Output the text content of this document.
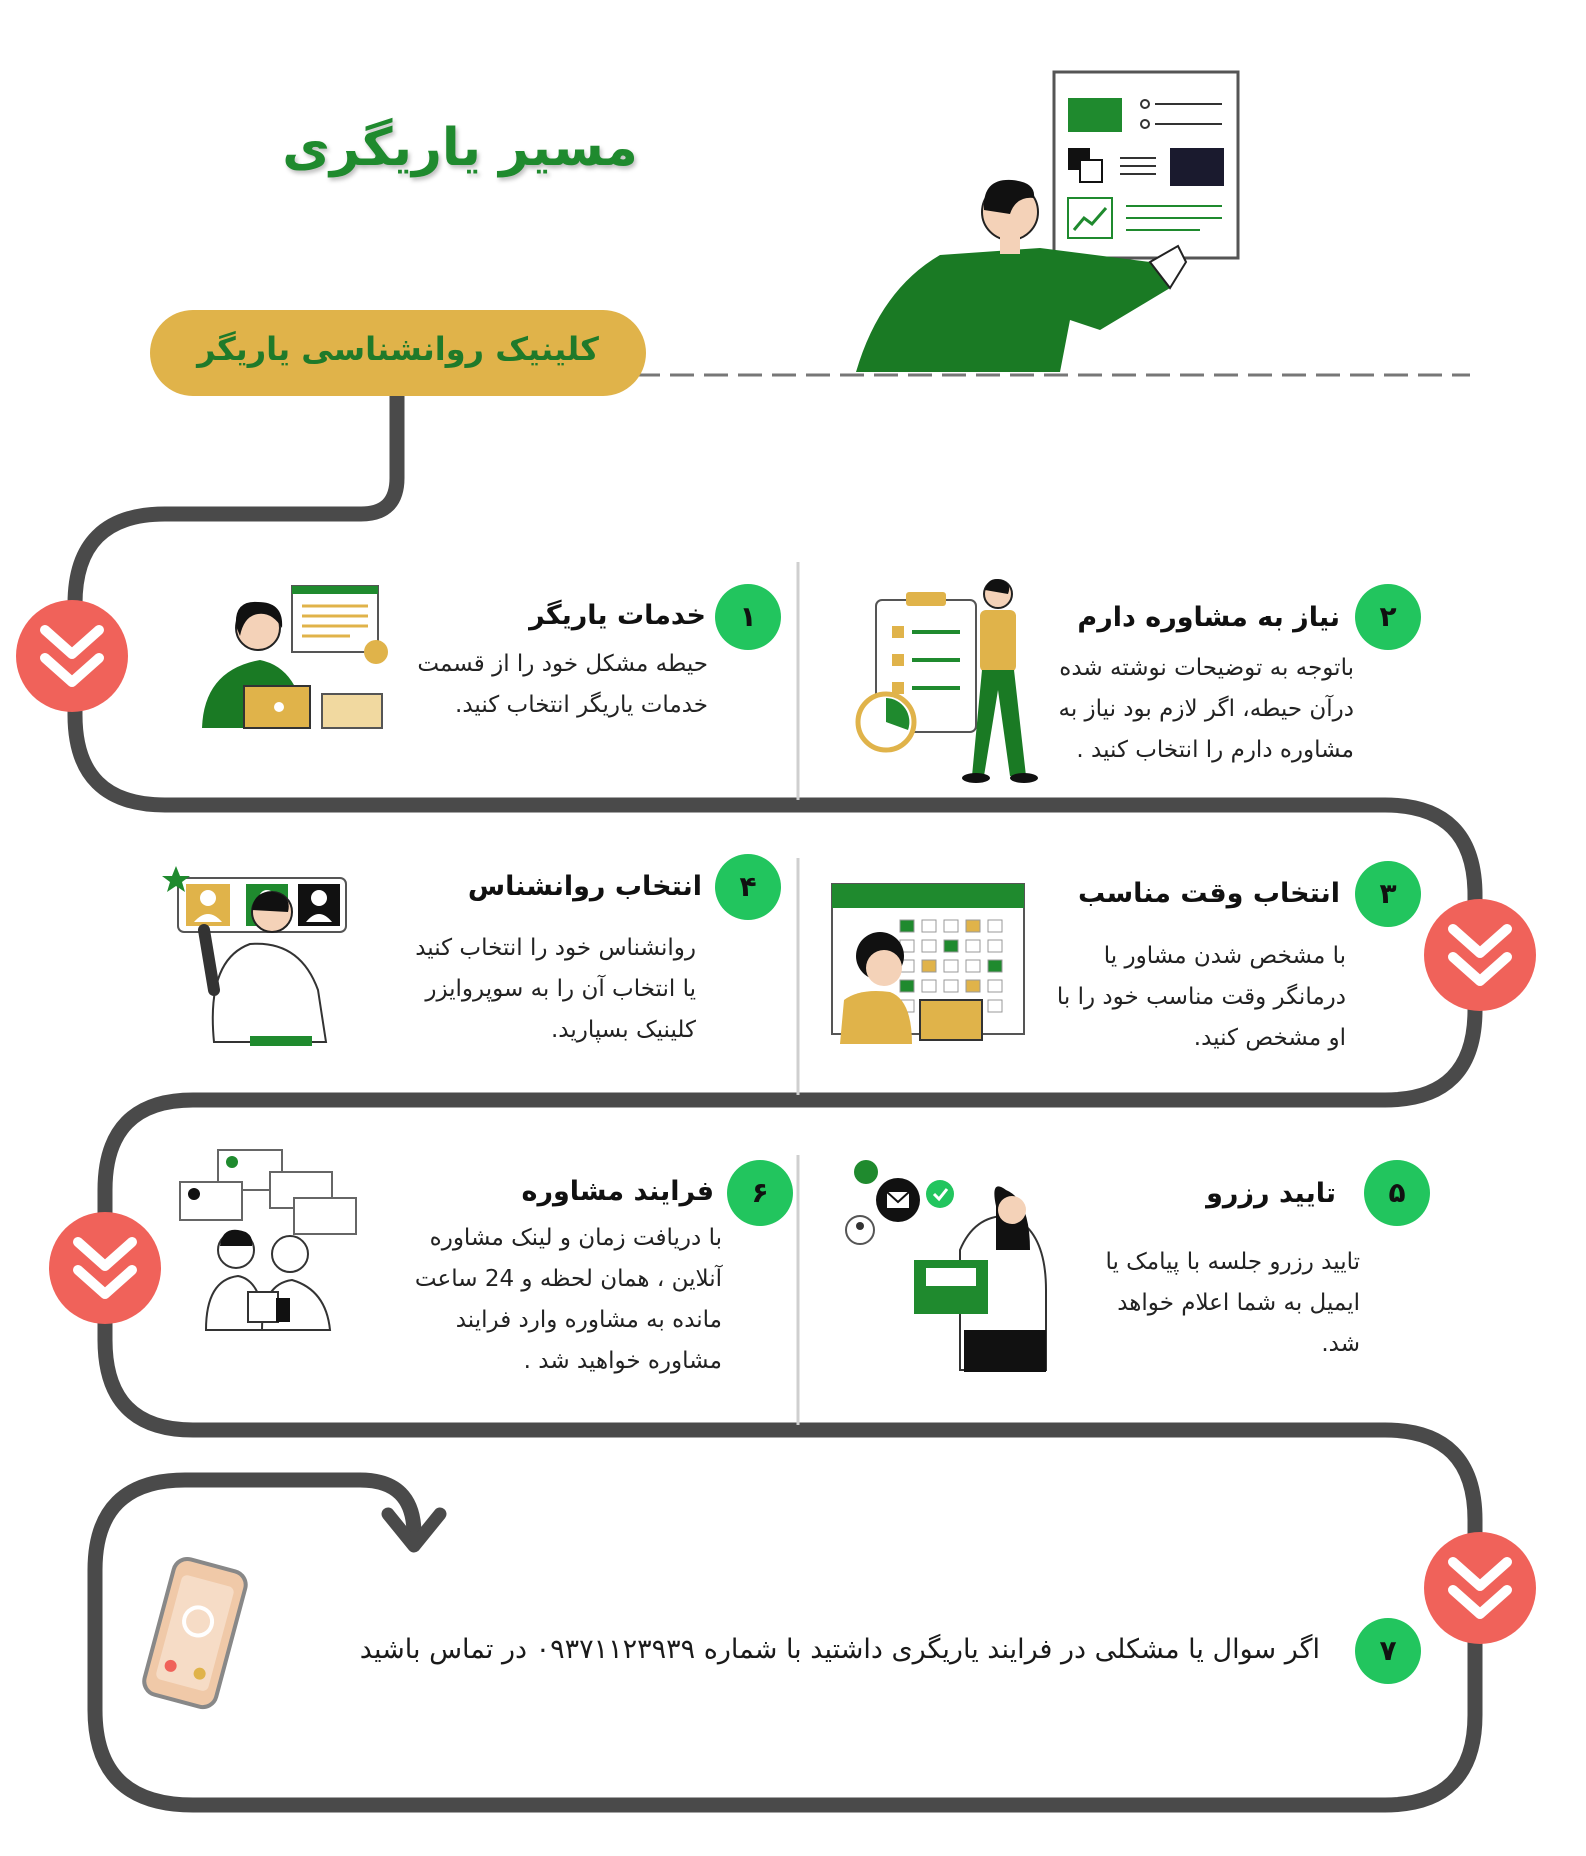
مسیر یاریگری
کلینیک روانشناسی یاریگر
۱	۲
۳
۴
۵
۶
۷
خدمات یاریگر
حیطه مشکل خود را از قسمت
خدمات یاریگر انتخاب کنید.
نیاز به مشاوره دارم
باتوجه به توضیحات نوشته شده
درآن حیطه، اگر لازم بود نیاز به
مشاوره دارم را انتخاب کنید .
انتخاب وقت مناسب
با مشخص شدن مشاور یا
درمانگر وقت مناسب خود را با
او مشخص کنید.
انتخاب روانشناس
روانشناس خود را انتخاب کنید
یا انتخاب آن را به سوپروایزر
کلینیک بسپارید.
تایید رزرو
تایید رزرو جلسه با پیامک یا
ایمیل به شما اعلام خواهد
شد.
فرایند مشاوره
با دریافت زمان و لینک مشاوره
آنلاین ، همان لحظه و 24 ساعت
مانده به مشاوره وارد فرایند
مشاوره خواهید شد .
اگر سوال یا مشکلی در فرایند یاریگری داشتید با شماره ۰۹۳۷۱۱۲۳۹۳۹ در تماس باشید
